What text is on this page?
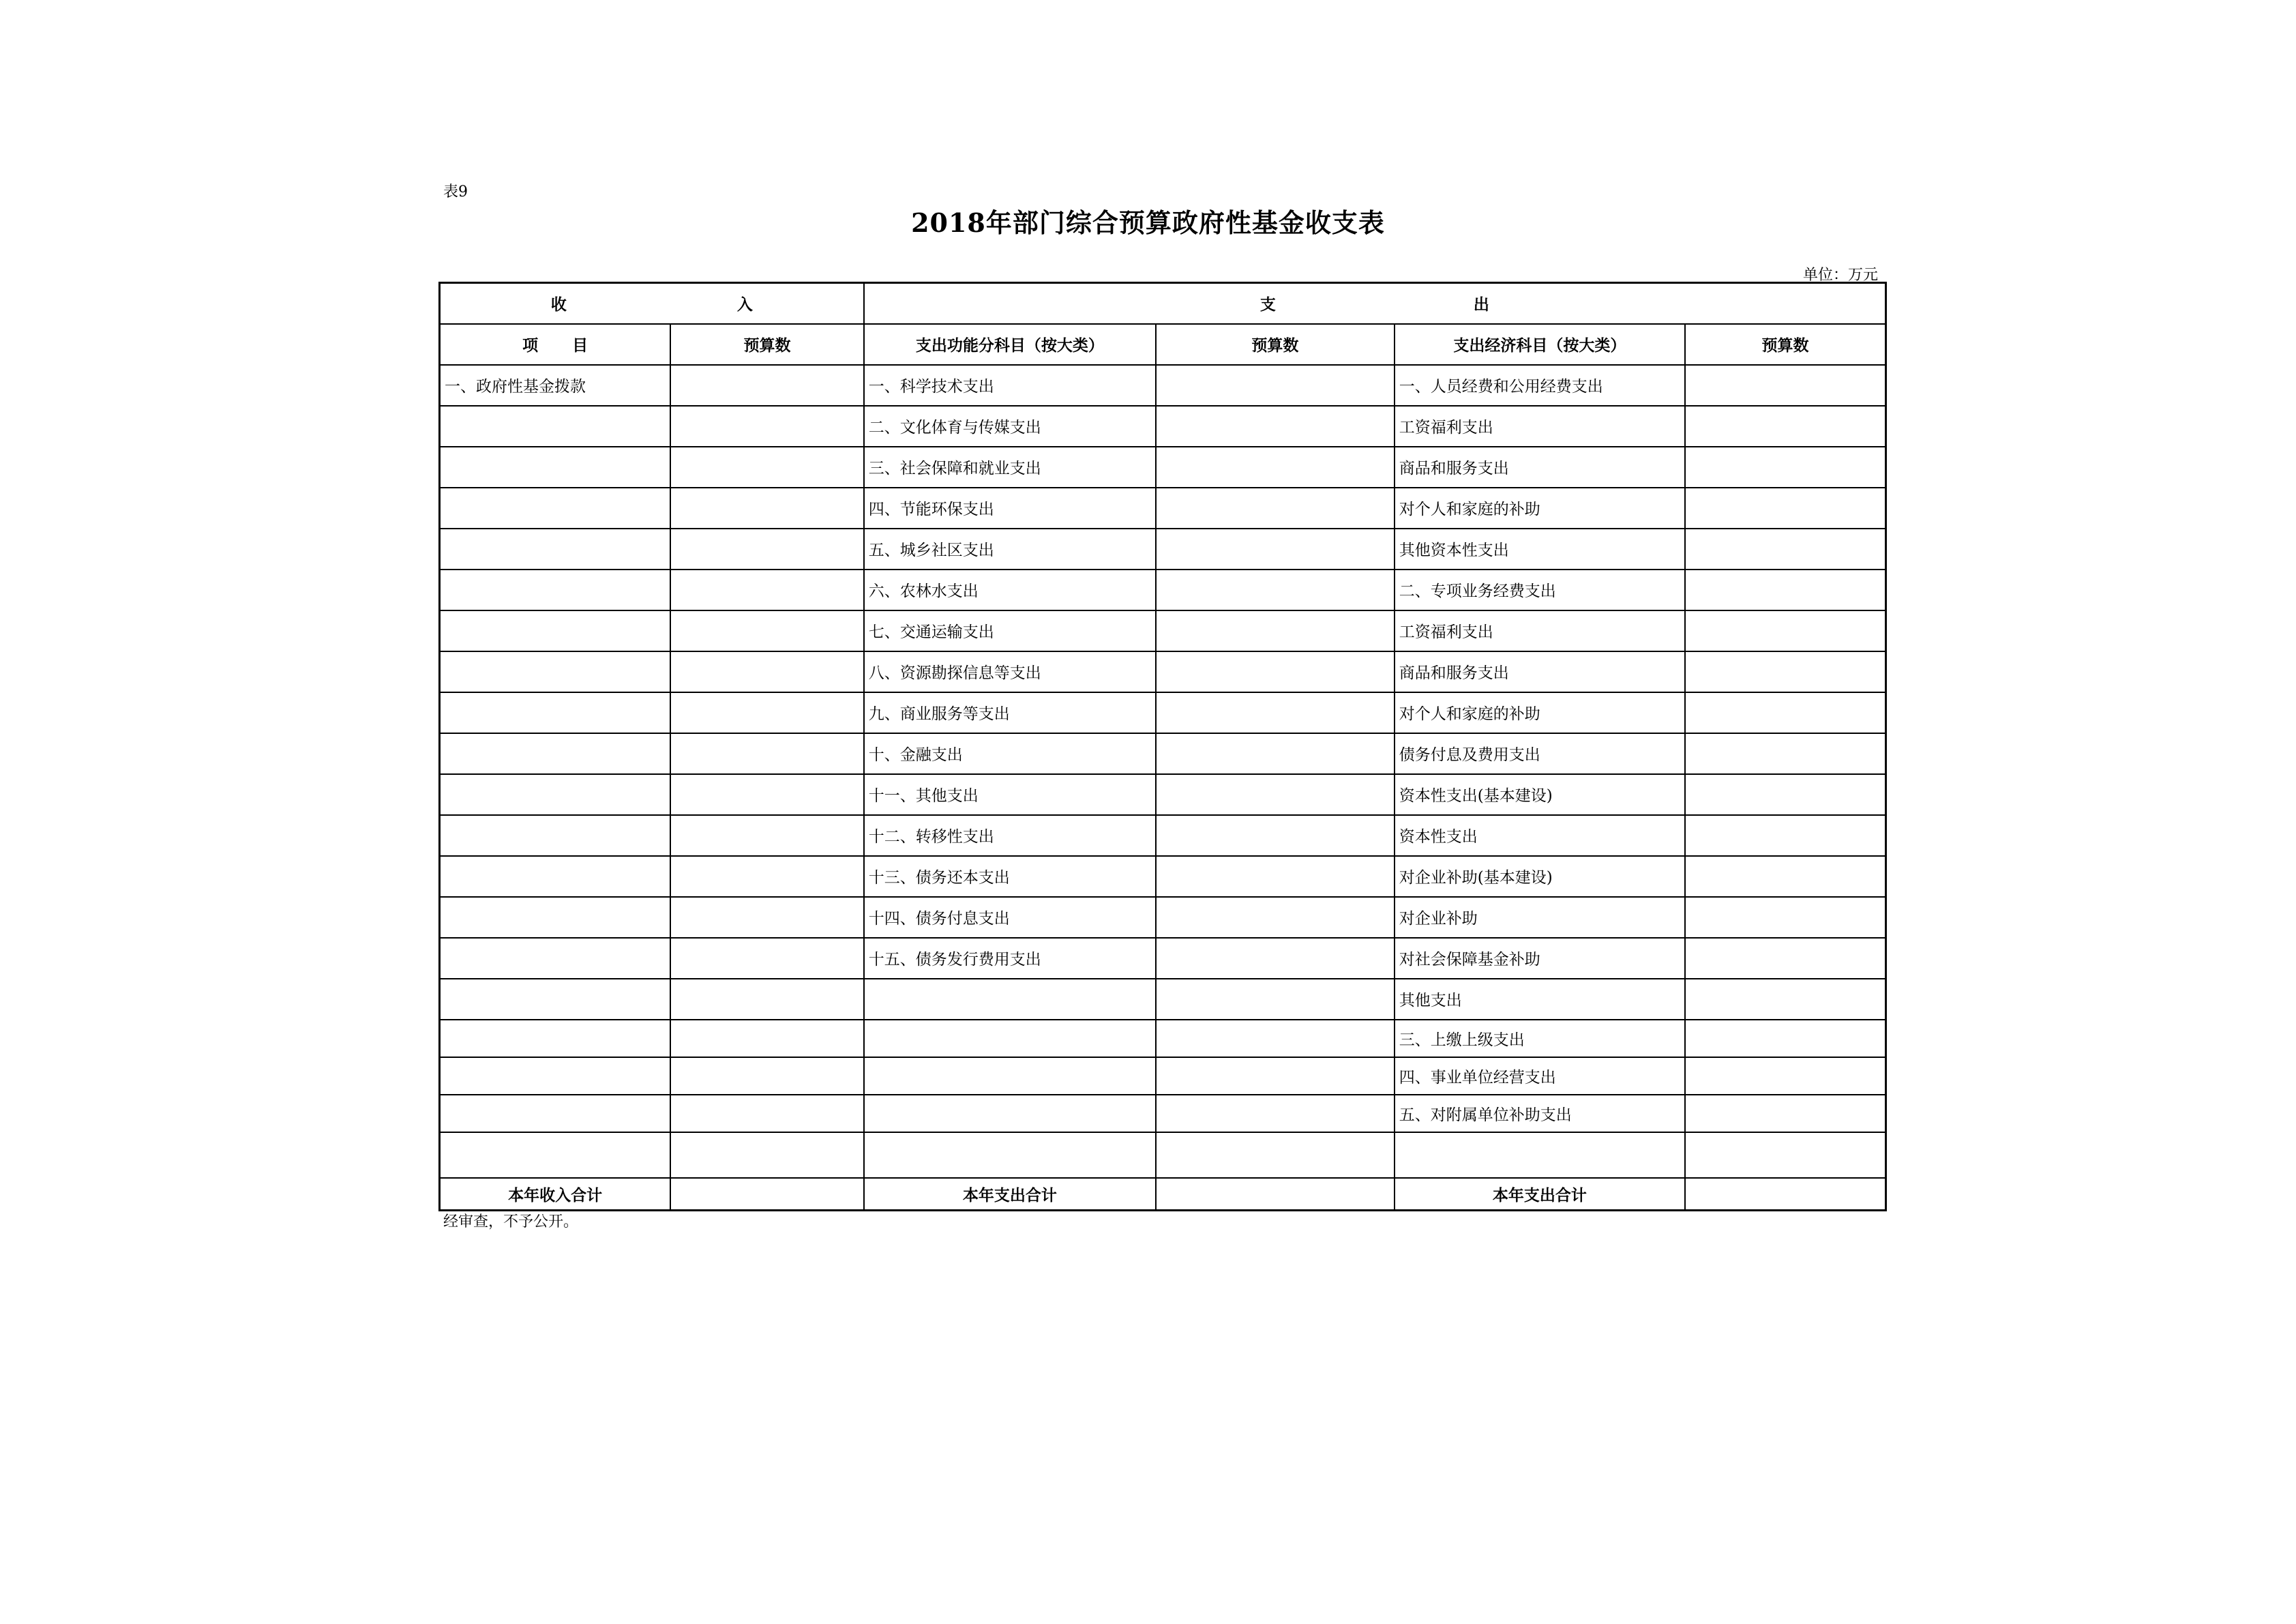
表9
2018年部门综合预算政府性基金收支表
单位：万元
收 入		支 出			

项 目	预算数	支出功能分科目（按大类）	预算数	支出经济科目（按大类）	预算数
一、政府性基金拨款		一、科学技术支出		一、人员经费和公用经费支出	
		二、文化体育与传媒支出		工资福利支出	
		三、社会保障和就业支出		商品和服务支出	
		四、节能环保支出		对个人和家庭的补助	
		五、城乡社区支出		其他资本性支出	
		六、农林水支出		二、专项业务经费支出	
		七、交通运输支出		工资福利支出	
		八、资源勘探信息等支出		商品和服务支出	
		九、商业服务等支出		对个人和家庭的补助	
		十、金融支出		债务付息及费用支出	
		十一、其他支出		资本性支出(基本建设)	
		十二、转移性支出		资本性支出	
		十三、债务还本支出		对企业补助(基本建设)	
		十四、债务付息支出		对企业补助	
		十五、债务发行费用支出		对社会保障基金补助	
				其他支出	
				三、上缴上级支出	
				四、事业单位经营支出	
				五、对附属单位补助支出	

本年收入合计		本年支出合计		本年支出合计	
经审查，不予公开。
